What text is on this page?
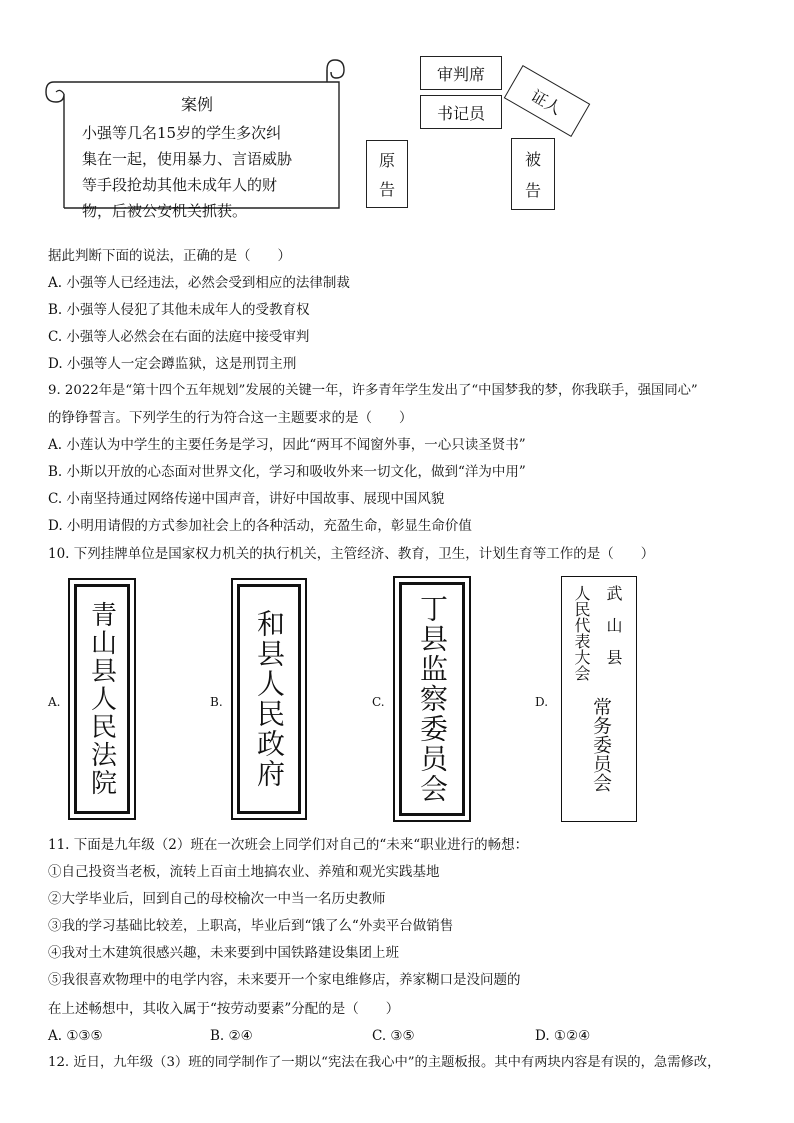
案例
小强等几名15岁的学生多次纠
集在一起，使用暴力、言语威胁
等手段抢劫其他未成年人的财
物，后被公安机关抓获。
审判席
书记员	证人
原
告
被
告
据此判断下面的说法，正确的是（　　）
A. 小强等人已经违法，必然会受到相应的法律制裁
B. 小强等人侵犯了其他未成年人的受教育权
C. 小强等人必然会在右面的法庭中接受审判
D. 小强等人一定会蹲监狱，这是刑罚主刑
9. 2022年是“第十四个五年规划”发展的关键一年，许多青年学生发出了“中国梦我的梦，你我联手，强国同心”
的铮铮誓言。下列学生的行为符合这一主题要求的是（　　）
A. 小莲认为中学生的主要任务是学习，因此“两耳不闻窗外事，一心只读圣贤书”
B. 小斯以开放的心态面对世界文化，学习和吸收外来一切文化，做到“洋为中用”
C. 小南坚持通过网络传递中国声音，讲好中国故事、展现中国风貌
D. 小明用请假的方式参加社会上的各种活动，充盈生命，彰显生命价值
10. 下列挂牌单位是国家权力机关的执行机关，主管经济、教育，卫生，计划生育等工作的是（　　）
A. 青山县人民法院	B. 和县人民政府	C. 丁县监察委员会	D.
人民代表大会 武　山　县
常务委员会
11. 下面是九年级（2）班在一次班会上同学们对自己的“未来“职业进行的畅想：
①自己投资当老板，流转上百亩土地搞农业、养殖和观光实践基地
②大学毕业后，回到自己的母校榆次一中当一名历史教师
③我的学习基础比较差，上职高，毕业后到“饿了么“外卖平台做销售
④我对土木建筑很感兴趣，未来要到中国铁路建设集团上班
⑤我很喜欢物理中的电学内容，未来要开一个家电维修店，养家糊口是没问题的
在上述畅想中，其收入属于“按劳动要素”分配的是（　　）
A. ①③⑤	B. ②④	C. ③⑤	D. ①②④
12. 近日，九年级（3）班的同学制作了一期以“宪法在我心中”的主题板报。其中有两块内容是有误的，急需修改，
